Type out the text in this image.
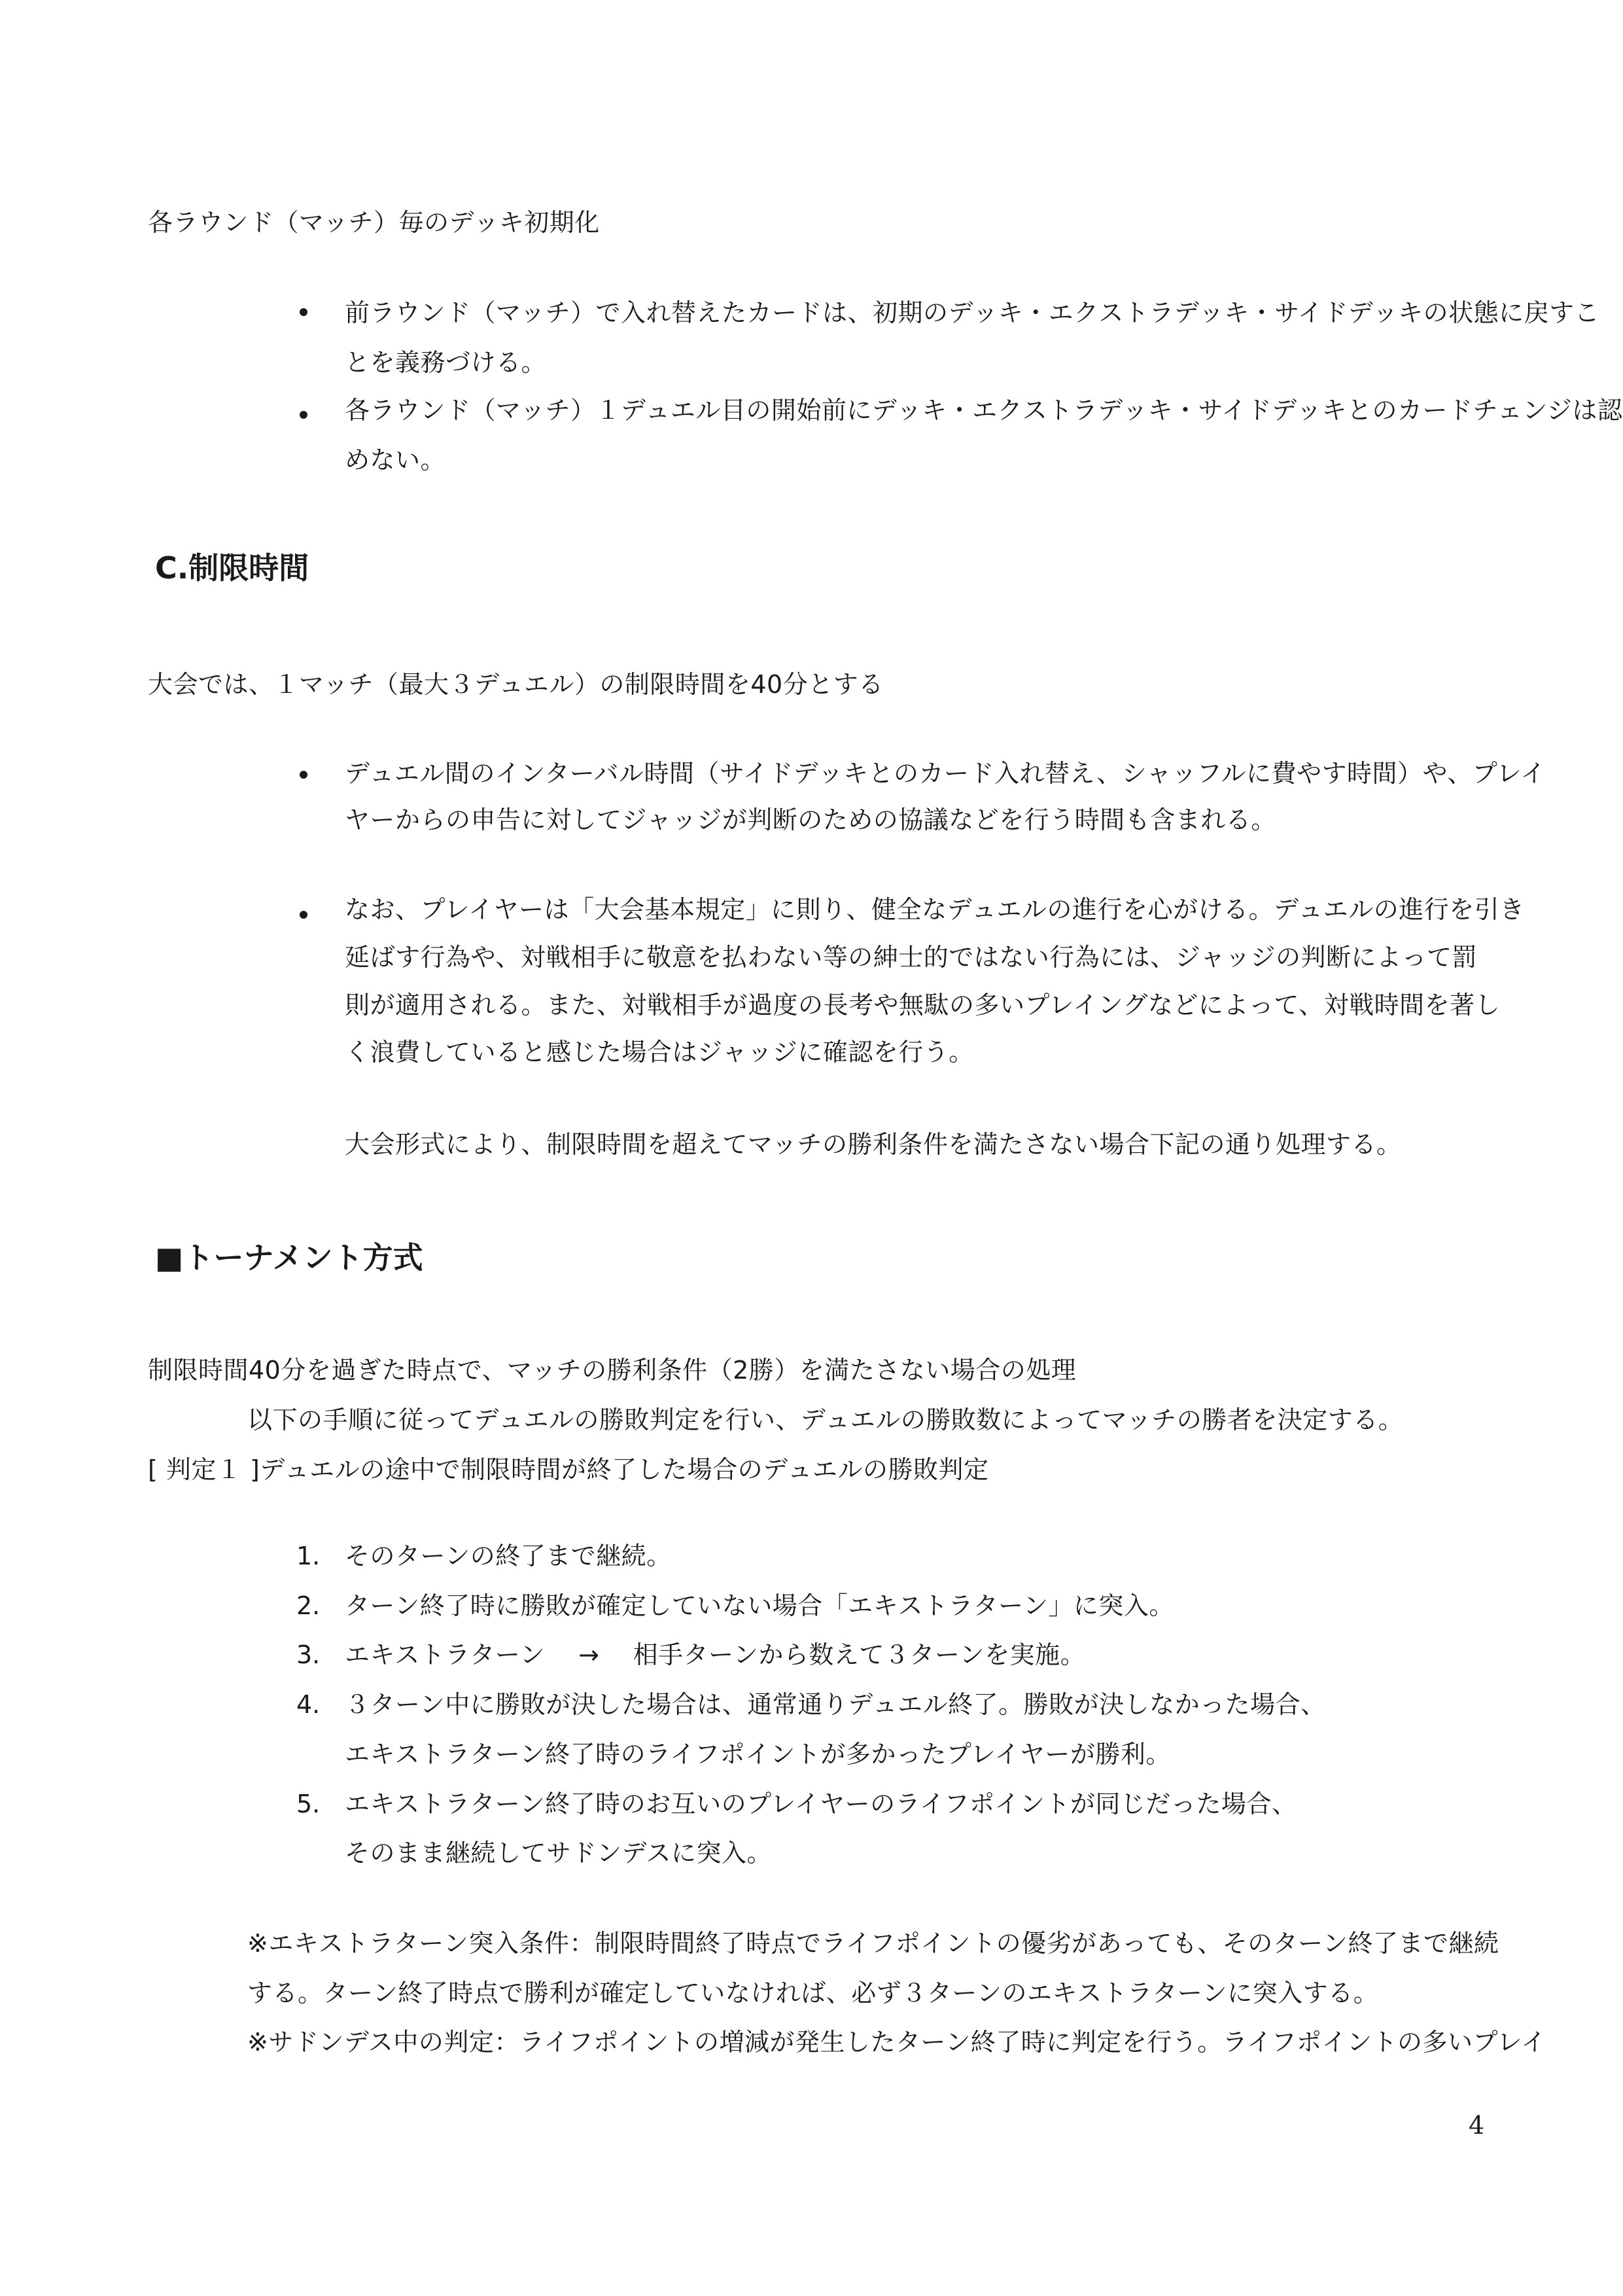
各ラウンド（マッチ）毎のデッキ初期化
前ラウンド（マッチ）で入れ替えたカードは、初期のデッキ・エクストラデッキ・サイドデッキの状態に戻すこ
とを義務づける。
各ラウンド（マッチ）１デュエル目の開始前にデッキ・エクストラデッキ・サイドデッキとのカードチェンジは認
めない。
C.制限時間
大会では、１マッチ（最大３デュエル）の制限時間を40分とする
デュエル間のインターバル時間（サイドデッキとのカード入れ替え、シャッフルに費やす時間）や、プレイ
ヤーからの申告に対してジャッジが判断のための協議などを行う時間も含まれる。
なお、プレイヤーは「大会基本規定」に則り、健全なデュエルの進行を心がける。デュエルの進行を引き
延ばす行為や、対戦相手に敬意を払わない等の紳士的ではない行為には、ジャッジの判断によって罰
則が適用される。また、対戦相手が過度の長考や無駄の多いプレイングなどによって、対戦時間を著し
く浪費していると感じた場合はジャッジに確認を行う。
大会形式により、制限時間を超えてマッチの勝利条件を満たさない場合下記の通り処理する。
■トーナメント方式
制限時間40分を過ぎた時点で、マッチの勝利条件（2勝）を満たさない場合の処理
以下の手順に従ってデュエルの勝敗判定を行い、デュエルの勝敗数によってマッチの勝者を決定する。
[ 判定１ ]デュエルの途中で制限時間が終了した場合のデュエルの勝敗判定
1. そのターンの終了まで継続。
2. ターン終了時に勝敗が確定していない場合「エキストラターン」に突入。
3. エキストラターン　 →　 相手ターンから数えて３ターンを実施。
4. ３ターン中に勝敗が決した場合は、通常通りデュエル終了。勝敗が決しなかった場合、
エキストラターン終了時のライフポイントが多かったプレイヤーが勝利。
5. エキストラターン終了時のお互いのプレイヤーのライフポイントが同じだった場合、
そのまま継続してサドンデスに突入。
※エキストラターン突入条件：制限時間終了時点でライフポイントの優劣があっても、そのターン終了まで継続
する。ターン終了時点で勝利が確定していなければ、必ず３ターンのエキストラターンに突入する。
※サドンデス中の判定：ライフポイントの増減が発生したターン終了時に判定を行う。ライフポイントの多いプレイ
4
